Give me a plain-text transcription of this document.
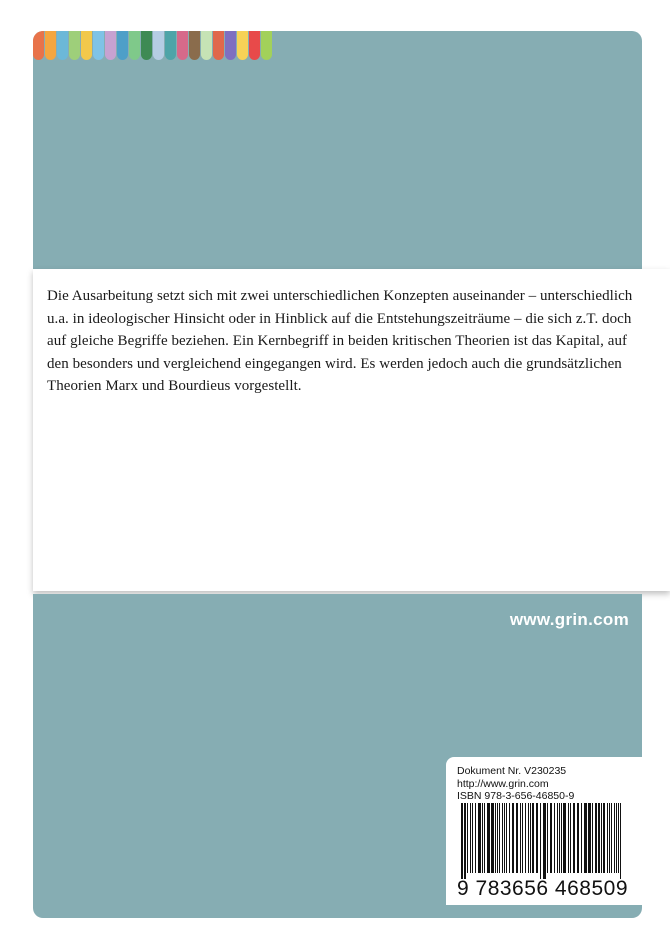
Die Ausarbeitung setzt sich mit zwei unterschiedlichen Konzepten auseinander – unterschiedlich u.a. in ideologischer Hinsicht oder in Hinblick auf die Entstehungszeiträume – die sich z.T. doch auf gleiche Begriffe beziehen. Ein Kernbegriff in beiden kritischen Theorien ist das Kapital, auf den besonders und vergleichend eingegangen wird. Es werden jedoch auch die grundsätzlichen Theorien Marx und Bourdieus vorgestellt.

www.grin.com
Dokument Nr. V230235
http://www.grin.com
ISBN 978-3-656-46850-9
9 783656 468509
